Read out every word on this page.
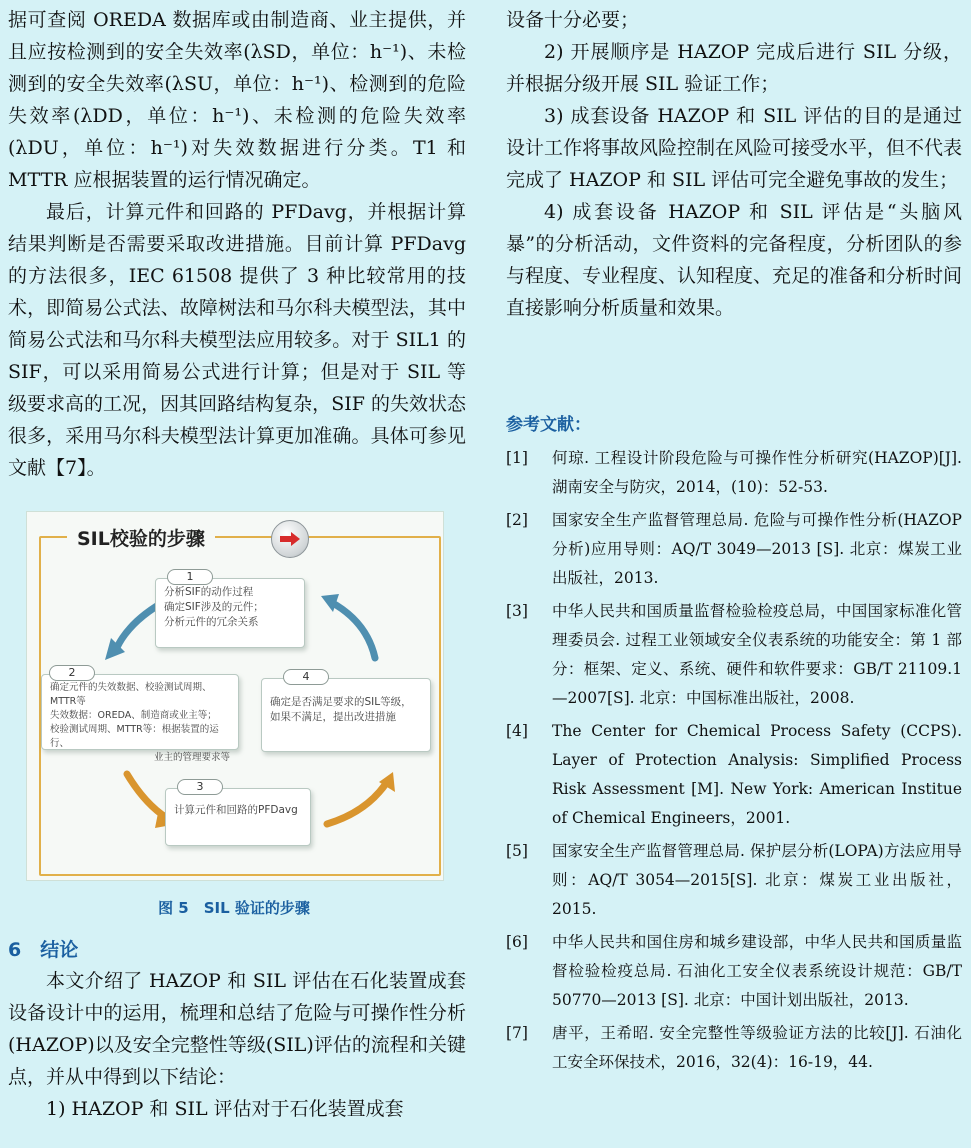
据可查阅 OREDA 数据库或由制造商、业主提供，并且应按检测到的安全失效率(λSD，单位：h⁻¹)、未检测到的安全失效率(λSU，单位：h⁻¹)、检测到的危险失效率(λDD，单位：h⁻¹)、未检测的危险失效率(λDU，单位：h⁻¹)对失效数据进行分类。T1 和 MTTR 应根据装置的运行情况确定。

最后，计算元件和回路的 PFDavg，并根据计算结果判断是否需要采取改进措施。目前计算 PFDavg 的方法很多，IEC 61508 提供了 3 种比较常用的技术，即简易公式法、故障树法和马尔科夫模型法，其中简易公式法和马尔科夫模型法应用较多。对于 SIL1 的 SIF，可以采用简易公式进行计算；但是对于 SIL 等级要求高的工况，因其回路结构复杂，SIF 的失效状态很多，采用马尔科夫模型法计算更加准确。具体可参见文献【7】。

SIL校验的步骤
分析SIF的动作过程
确定SIF涉及的元件；
分析元件的冗余关系
1
确定元件的失效数据、校验测试周期、MTTR等
失效数据：OREDA、制造商或业主等；
校验测试周期、MTTR等：根据装置的运行、
业主的管理要求等
2
确定是否满足要求的SIL等级，
如果不满足，提出改进措施
4
计算元件和回路的PFDavg
3
图 5　SIL 验证的步骤
6　结论

本文介绍了 HAZOP 和 SIL 评估在石化装置成套设备设计中的运用，梳理和总结了危险与可操作性分析(HAZOP)以及安全完整性等级(SIL)评估的流程和关键点，并从中得到以下结论：

1) HAZOP 和 SIL 评估对于石化装置成套

设备十分必要；

2) 开展顺序是 HAZOP 完成后进行 SIL 分级，并根据分级开展 SIL 验证工作；

3) 成套设备 HAZOP 和 SIL 评估的目的是通过设计工作将事故风险控制在风险可接受水平，但不代表完成了 HAZOP 和 SIL 评估可完全避免事故的发生；

4) 成套设备 HAZOP 和 SIL 评估是“头脑风暴”的分析活动，文件资料的完备程度，分析团队的参与程度、专业程度、认知程度、充足的准备和分析时间直接影响分析质量和效果。

参考文献：
[1]	何琼. 工程设计阶段危险与可操作性分析研究(HAZOP)[J]. 湖南安全与防灾，2014，(10)：52-53.
[2]	国家安全生产监督管理总局. 危险与可操作性分析(HAZOP分析)应用导则：AQ/T 3049—2013 [S]. 北京：煤炭工业出版社，2013.
[3]	中华人民共和国质量监督检验检疫总局，中国国家标准化管理委员会. 过程工业领域安全仪表系统的功能安全：第 1 部分：框架、定义、系统、硬件和软件要求：GB/T 21109.1—2007[S]. 北京：中国标准出版社，2008.
[4]	The Center for Chemical Process Safety (CCPS). Layer of Protection Analysis: Simplified Process Risk Assessment [M]. New York: American Institue of Chemical Engineers，2001.
[5]	国家安全生产监督管理总局. 保护层分析(LOPA)方法应用导则：AQ/T 3054—2015[S]. 北京：煤炭工业出版社，2015.
[6]	中华人民共和国住房和城乡建设部，中华人民共和国质量监督检验检疫总局. 石油化工安全仪表系统设计规范：GB/T 50770—2013 [S]. 北京：中国计划出版社，2013.
[7]	唐平，王希昭. 安全完整性等级验证方法的比较[J]. 石油化工安全环保技术，2016，32(4)：16-19，44.
